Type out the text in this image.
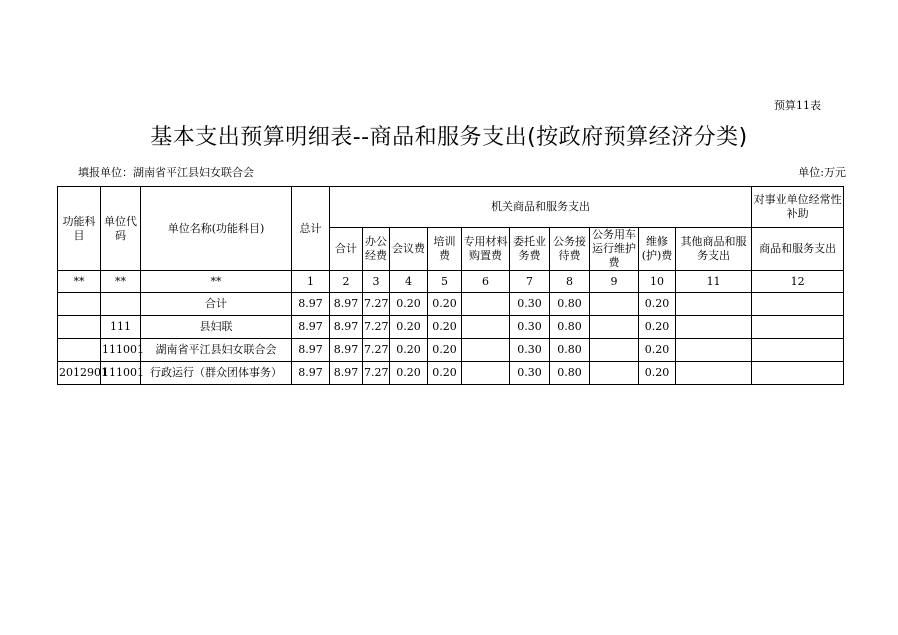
预算11表
基本支出预算明细表--商品和服务支出(按政府预算经济分类)
填报单位：湖南省平江县妇女联合会	单位:万元
功能科目	单位代码	单位名称(功能科目)	总计	机关商品和服务支出										对事业单位经常性补助
				合计	办公经费	会议费	培训费	专用材料购置费	委托业务费	公务接待费	公务用车运行维护费	维修(护)费	其他商品和服务支出	商品和服务支出
**	**	**	1	2	3	4	5	6	7	8	9	10	11	12
		合计	8.97	8.97	7.27	0.20	0.20		0.30	0.80		0.20		
	111	县妇联	8.97	8.97	7.27	0.20	0.20		0.30	0.80		0.20		
	111001	湖南省平江县妇女联合会	8.97	8.97	7.27	0.20	0.20		0.30	0.80		0.20		
2012901	111001	行政运行（群众团体事务）	8.97	8.97	7.27	0.20	0.20		0.30	0.80		0.20		
